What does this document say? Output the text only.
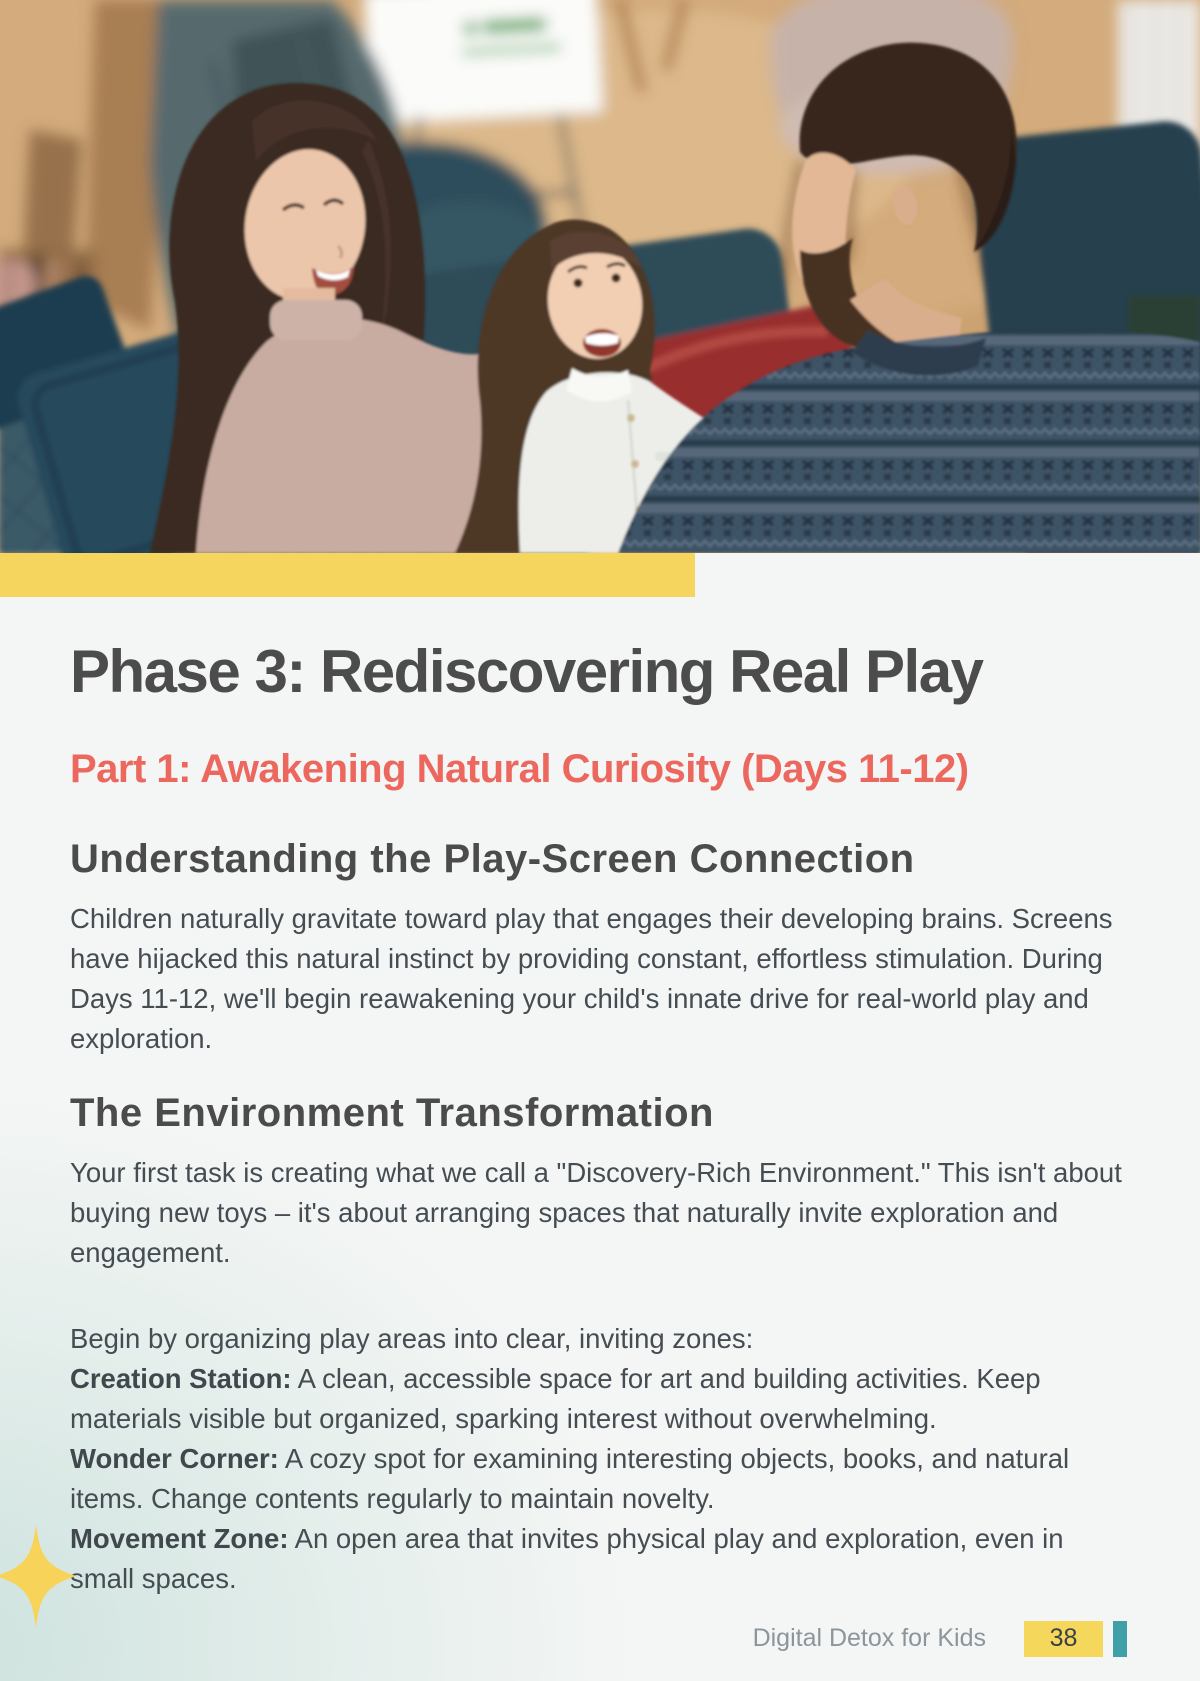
Phase 3: Rediscovering Real Play
Part 1: Awakening Natural Curiosity (Days 11-12)
Understanding the Play-Screen Connection

Children naturally gravitate toward play that engages their developing brains. Screens have hijacked this natural instinct by providing constant, effortless stimulation. During Days 11-12, we'll begin reawakening your child's innate drive for real-world play and exploration.

The Environment Transformation

Your first task is creating what we call a "Discovery-Rich Environment." This isn't about buying new toys – it's about arranging spaces that naturally invite exploration and engagement.

Begin by organizing play areas into clear, inviting zones:
Creation Station: A clean, accessible space for art and building activities. Keep materials visible but organized, sparking interest without overwhelming.
Wonder Corner: A cozy spot for examining interesting objects, books, and natural items. Change contents regularly to maintain novelty.
Movement Zone: An open area that invites physical play and exploration, even in small spaces.

Digital Detox for Kids	38
